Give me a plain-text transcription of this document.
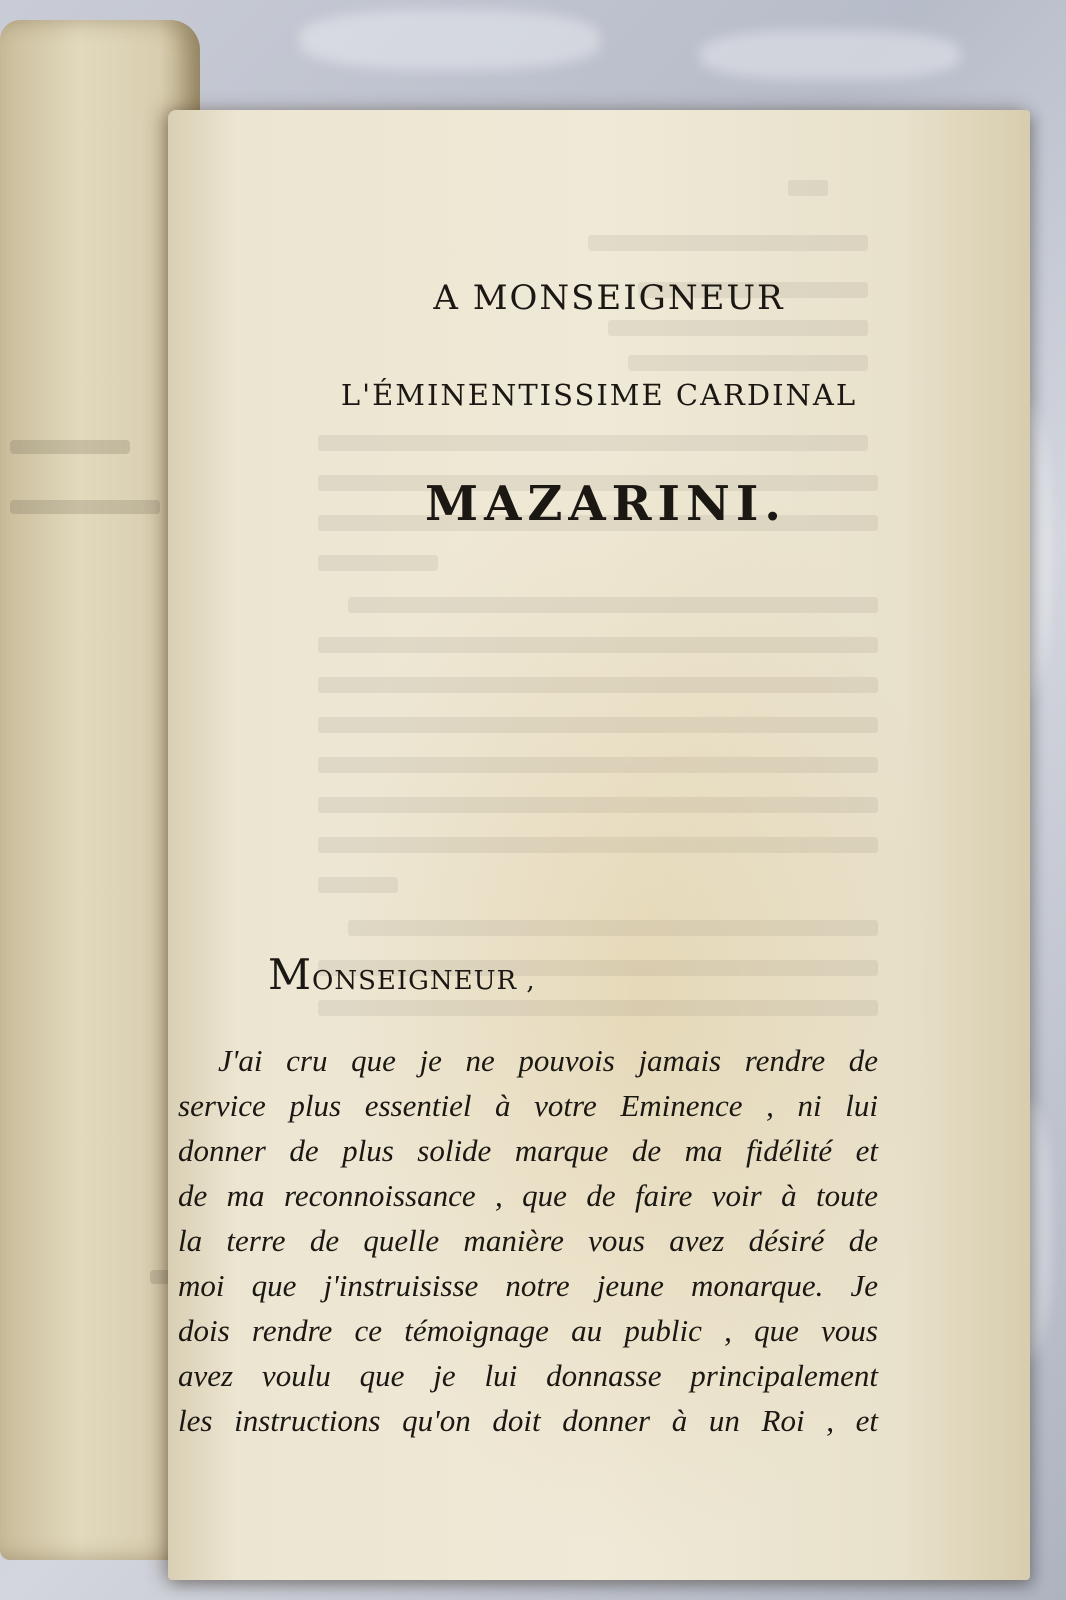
A MONSEIGNEUR
L'ÉMINENTISSIME CARDINAL
MAZARINI.
MONSEIGNEUR ,
J'ai cru que je ne pouvois jamais rendre de
service plus essentiel à votre Eminence , ni lui
donner de plus solide marque de ma fidélité et
de ma reconnoissance , que de faire voir à toute
la terre de quelle manière vous avez désiré de
moi que j'instruisisse notre jeune monarque. Je
dois rendre ce témoignage au public , que vous
avez voulu que je lui donnasse principalement
les instructions qu'on doit donner à un Roi , et
